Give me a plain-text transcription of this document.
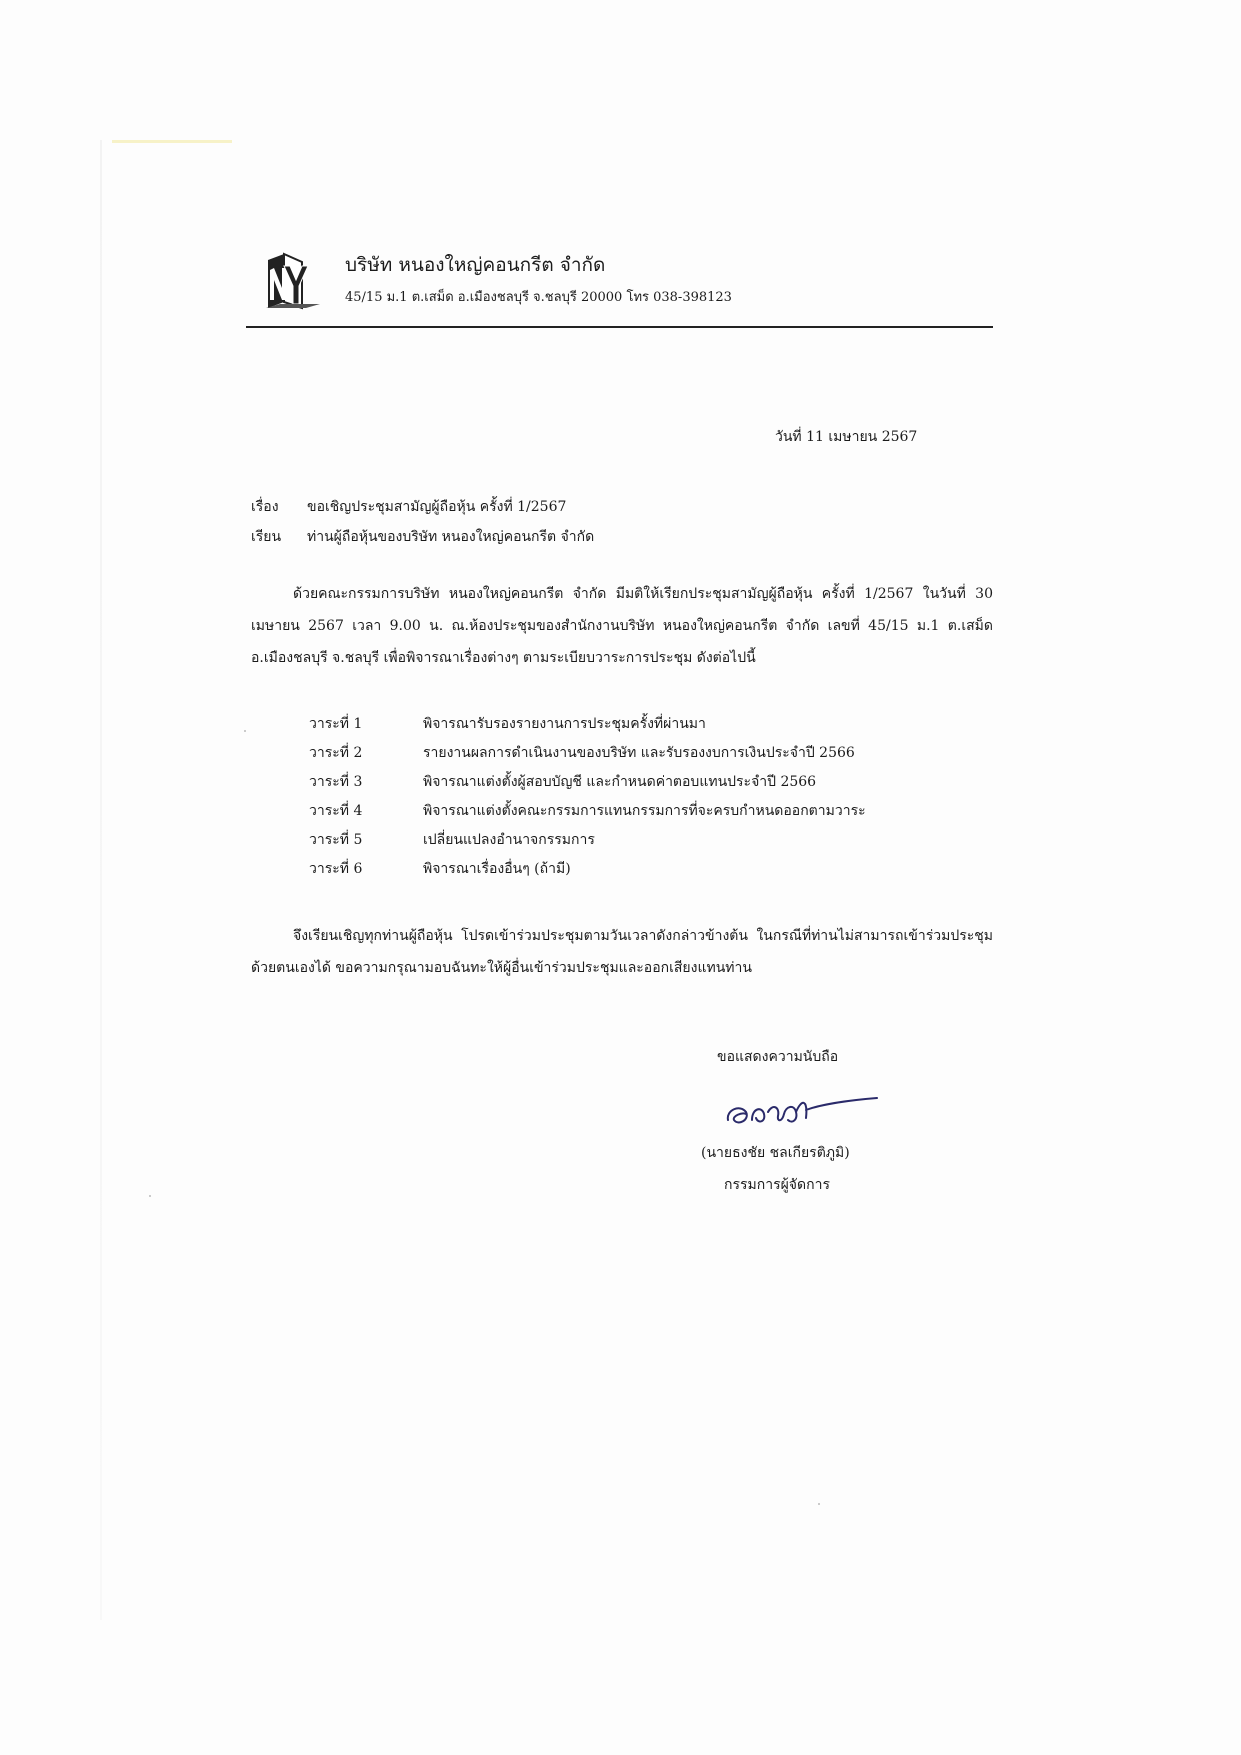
บริษัท หนองใหญ่คอนกรีต จำกัด
45/15 ม.1 ต.เสม็ด อ.เมืองชลบุรี จ.ชลบุรี 20000 โทร 038-398123
วันที่ 11 เมษายน 2567
เรื่อง ขอเชิญประชุมสามัญผู้ถือหุ้น ครั้งที่ 1/2567
เรียน ท่านผู้ถือหุ้นของบริษัท หนองใหญ่คอนกรีต จำกัด
ด้วยคณะกรรมการบริษัท หนองใหญ่คอนกรีต จำกัด มีมติให้เรียกประชุมสามัญผู้ถือหุ้น ครั้งที่ 1/2567 ในวันที่ 30 เมษายน 2567 เวลา 9.00 น. ณ.ห้องประชุมของสำนักงานบริษัท หนองใหญ่คอนกรีต จำกัด เลขที่ 45/15 ม.1 ต.เสม็ด อ.เมืองชลบุรี จ.ชลบุรี เพื่อพิจารณาเรื่องต่างๆ ตามระเบียบวาระการประชุม ดังต่อไปนี้
วาระที่ 1	พิจารณารับรองรายงานการประชุมครั้งที่ผ่านมา
วาระที่ 2	รายงานผลการดำเนินงานของบริษัท และรับรองงบการเงินประจำปี 2566
วาระที่ 3	พิจารณาแต่งตั้งผู้สอบบัญชี และกำหนดค่าตอบแทนประจำปี 2566
วาระที่ 4	พิจารณาแต่งตั้งคณะกรรมการแทนกรรมการที่จะครบกำหนดออกตามวาระ
วาระที่ 5	เปลี่ยนแปลงอำนาจกรรมการ
วาระที่ 6	พิจารณาเรื่องอื่นๆ (ถ้ามี)
จึงเรียนเชิญทุกท่านผู้ถือหุ้น โปรดเข้าร่วมประชุมตามวันเวลาดังกล่าวข้างต้น ในกรณีที่ท่านไม่สามารถเข้าร่วมประชุมด้วยตนเองได้ ขอความกรุณามอบฉันทะให้ผู้อื่นเข้าร่วมประชุมและออกเสียงแทนท่าน
ขอแสดงความนับถือ
(นายธงชัย ชลเกียรติภูมิ)
กรรมการผู้จัดการ
